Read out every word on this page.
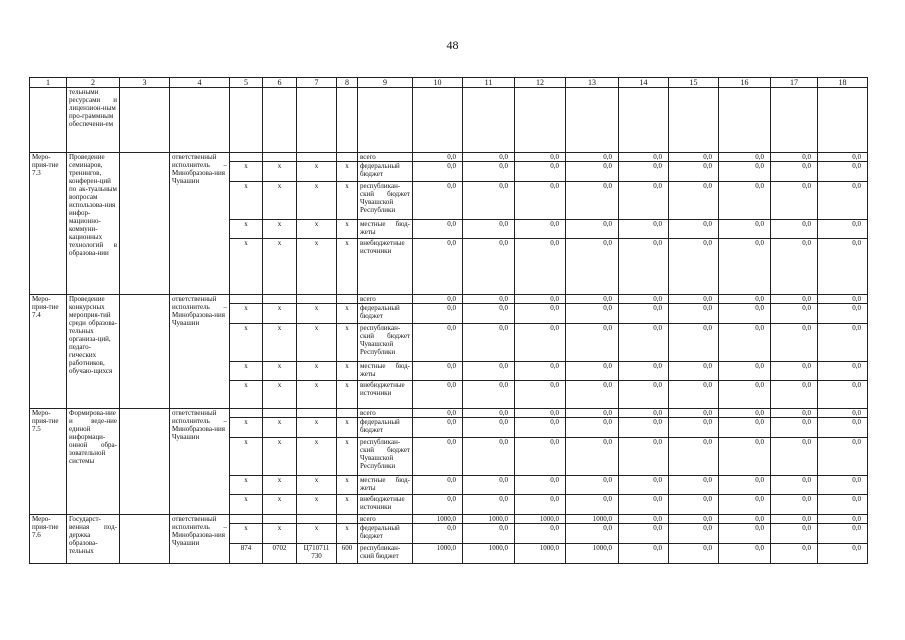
48
1	2	3	4	5	6	7	8	9	10	11	12	13	14	15	16	17	18
	тельными ресурсами и лицензион-ным про-граммным обеспечени-ем																
Меро-прия-тие 7.3	Проведение семинаров, тренингов, конферен-ций по ак-туальным вопросам использова-ния инфор-мационно-коммуни-кационных технологий в образова-нии		ответственный исполнитель – Минобразова-ния Чувашии					всего	0,0	0,0	0,0	0,0	0,0	0,0	0,0	0,0	0,0
				х	х	х	х	федеральный бюджет	0,0	0,0	0,0	0,0	0,0	0,0	0,0	0,0	0,0
				х	х	х	х	республикан-ский бюджет Чувашской Республики	0,0	0,0	0,0	0,0	0,0	0,0	0,0	0,0	0,0
				х	х	х	х	местные бюд-жеты	0,0	0,0	0,0	0,0	0,0	0,0	0,0	0,0	0,0
				х	х	х	х	внебюджетные источники	0,0	0,0	0,0	0,0	0,0	0,0	0,0	0,0	0,0
Меро-прия-тие 7.4	Проведение конкурсных мероприя-тий среди образова-тельных организа-ций, педаго-гических работников, обучаю-щихся		ответственный исполнитель – Минобразова-ния Чувашии					всего	0,0	0,0	0,0	0,0	0,0	0,0	0,0	0,0	0,0
				х	х	х	х	федеральный бюджет	0,0	0,0	0,0	0,0	0,0	0,0	0,0	0,0	0,0
				х	х	х	х	республикан-ский бюджет Чувашской Республики	0,0	0,0	0,0	0,0	0,0	0,0	0,0	0,0	0,0
				х	х	х	х	местные бюд-жеты	0,0	0,0	0,0	0,0	0,0	0,0	0,0	0,0	0,0
				х	х	х	х	внебюджетные источники	0,0	0,0	0,0	0,0	0,0	0,0	0,0	0,0	0,0
Меро-прия-тие 7.5	Формирова-ние и веде-ние единой информаци-онной обра-зовательной системы		ответственный исполнитель – Минобразова-ния Чувашии					всего	0,0	0,0	0,0	0,0	0,0	0,0	0,0	0,0	0,0
				х	х	х	х	федеральный бюджет	0,0	0,0	0,0	0,0	0,0	0,0	0,0	0,0	0,0
				х	х	х	х	республикан-ский бюджет Чувашской Республики	0,0	0,0	0,0	0,0	0,0	0,0	0,0	0,0	0,0
				х	х	х	х	местные бюд-жеты	0,0	0,0	0,0	0,0	0,0	0,0	0,0	0,0	0,0
				х	х	х	х	внебюджетные источники	0,0	0,0	0,0	0,0	0,0	0,0	0,0	0,0	0,0
Меро-прия-тие 7.6	Государст-венная под-держка образова-тельных		ответственный исполнитель – Минобразова-ния Чувашии					всего	1000,0	1000,0	1000,0	1000,0	0,0	0,0	0,0	0,0	0,0
				х	х	х	х	федеральный бюджет	0,0	0,0	0,0	0,0	0,0	0,0	0,0	0,0	0,0
				874	0702	Ц710711 730	600	республикан-ский бюджет	1000,0	1000,0	1000,0	1000,0	0,0	0,0	0,0	0,0	0,0
